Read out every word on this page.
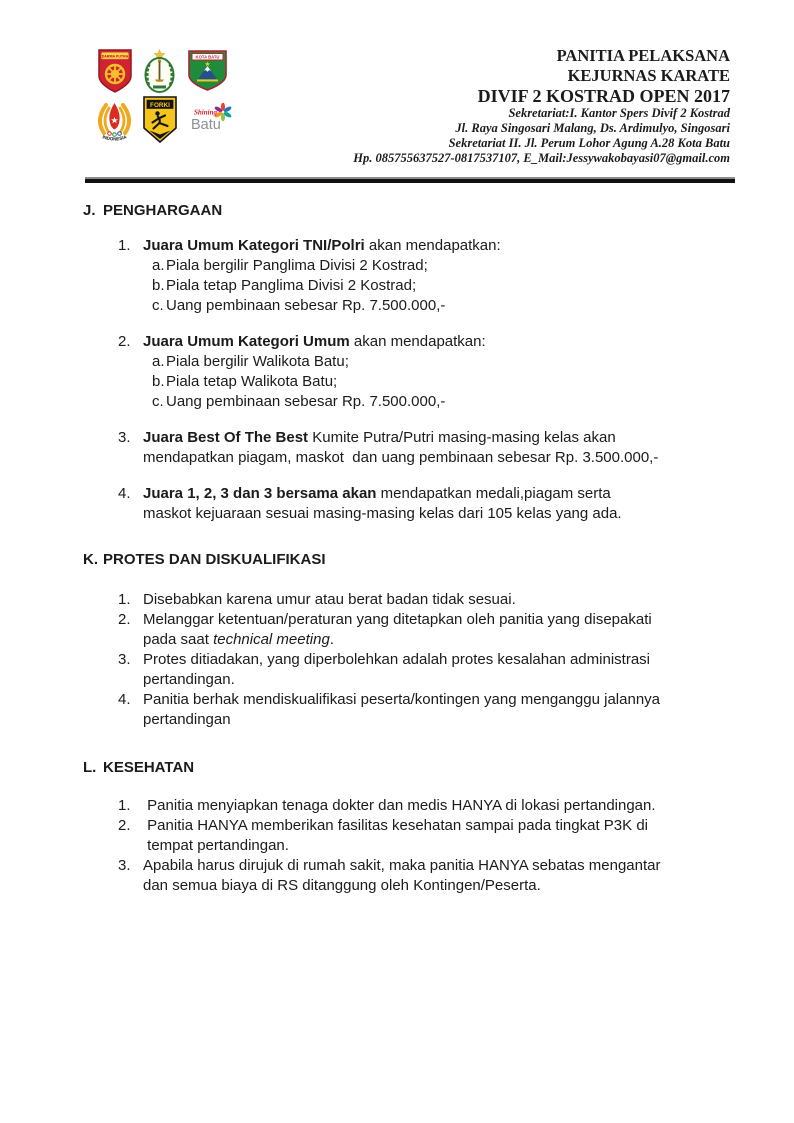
DARMA PUTRA	KOTA BATU
INDONESIA
FORKI
Shining
Batu
PANITIA PELAKSANA
KEJURNAS KARATE
DIVIF 2 KOSTRAD OPEN 2017
Sekretariat:I. Kantor Spers Divif 2 Kostrad
Jl. Raya Singosari Malang, Ds. Ardimulyo, Singosari
Sekretariat II. Jl. Perum Lohor Agung A.28 Kota Batu
Hp. 085755637527-0817537107, E_Mail:Jessywakobayasi07@gmail.com
J. PENGHARGAAN
1. Juara Umum Kategori TNI/Polri akan mendapatkan:
a. Piala bergilir Panglima Divisi 2 Kostrad;
b. Piala tetap Panglima Divisi 2 Kostrad;
c. Uang pembinaan sebesar Rp. 7.500.000,-
2. Juara Umum Kategori Umum akan mendapatkan:
a. Piala bergilir Walikota Batu;
b. Piala tetap Walikota Batu;
c. Uang pembinaan sebesar Rp. 7.500.000,-
3. Juara Best Of The Best Kumite Putra/Putri masing-masing kelas akan
mendapatkan piagam, maskot  dan uang pembinaan sebesar Rp. 3.500.000,-
4. Juara 1, 2, 3 dan 3 bersama akan mendapatkan medali,piagam serta
maskot kejuaraan sesuai masing-masing kelas dari 105 kelas yang ada.
K. PROTES DAN DISKUALIFIKASI
1. Disebabkan karena umur atau berat badan tidak sesuai.
2. Melanggar ketentuan/peraturan yang ditetapkan oleh panitia yang disepakati
pada saat technical meeting.
3. Protes ditiadakan, yang diperbolehkan adalah protes kesalahan administrasi
pertandingan.
4. Panitia berhak mendiskualifikasi peserta/kontingen yang menganggu jalannya
pertandingan
L. KESEHATAN
1. Panitia menyiapkan tenaga dokter dan medis HANYA di lokasi pertandingan.
2. Panitia HANYA memberikan fasilitas kesehatan sampai pada tingkat P3K di
tempat pertandingan.
3. Apabila harus dirujuk di rumah sakit, maka panitia HANYA sebatas mengantar
dan semua biaya di RS ditanggung oleh Kontingen/Peserta.
